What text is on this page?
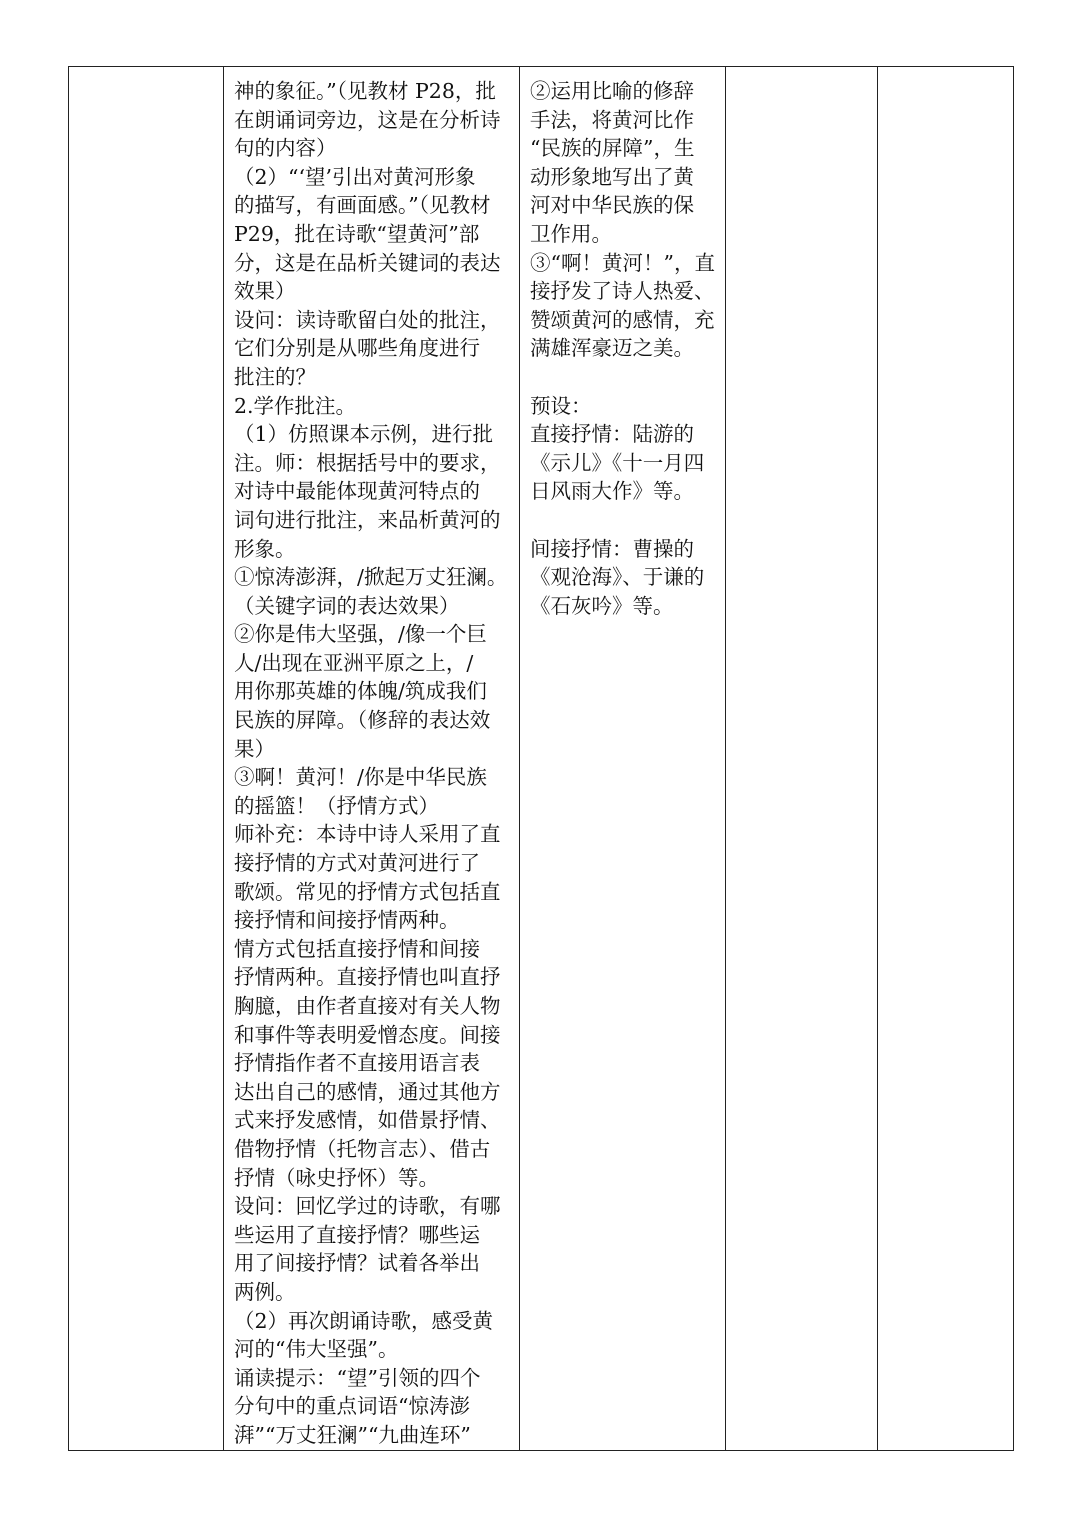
神的象征。”（见教材 P28，批
在朗诵词旁边，这是在分析诗
句的内容）
（2）“‘望’引出对黄河形象
的描写，有画面感。”（见教材
P29，批在诗歌“望黄河”部
分，这是在品析关键词的表达
效果）
设问：读诗歌留白处的批注，
它们分别是从哪些角度进行
批注的？
2.学作批注。
（1）仿照课本示例，进行批
注。师：根据括号中的要求，
对诗中最能体现黄河特点的
词句进行批注，来品析黄河的
形象。
①惊涛澎湃，/掀起万丈狂澜。
（关键字词的表达效果）
②你是伟大坚强，/像一个巨
人/出现在亚洲平原之上，/
用你那英雄的体魄/筑成我们
民族的屏障。（修辞的表达效
果）
③啊！黄河！/你是中华民族
的摇篮！（抒情方式）
师补充：本诗中诗人采用了直
接抒情的方式对黄河进行了
歌颂。常见的抒情方式包括直
接抒情和间接抒情两种。
情方式包括直接抒情和间接
抒情两种。直接抒情也叫直抒
胸臆，由作者直接对有关人物
和事件等表明爱憎态度。间接
抒情指作者不直接用语言表
达出自己的感情，通过其他方
式来抒发感情，如借景抒情、
借物抒情（托物言志）、借古
抒情（咏史抒怀）等。
设问：回忆学过的诗歌，有哪
些运用了直接抒情？哪些运
用了间接抒情？试着各举出
两例。
（2）再次朗诵诗歌，感受黄
河的“伟大坚强”。
诵读提示：“望”引领的四个
分句中的重点词语“惊涛澎
湃”“万丈狂澜”“九曲连环”

②运用比喻的修辞
手法，将黄河比作
“民族的屏障”，生
动形象地写出了黄
河对中华民族的保
卫作用。
③“啊！黄河！”，直
接抒发了诗人热爱、
赞颂黄河的感情，充
满雄浑豪迈之美。
预设：
直接抒情：陆游的
《示儿》《十一月四
日风雨大作》等。
间接抒情：曹操的
《观沧海》、于谦的
《石灰吟》等。
